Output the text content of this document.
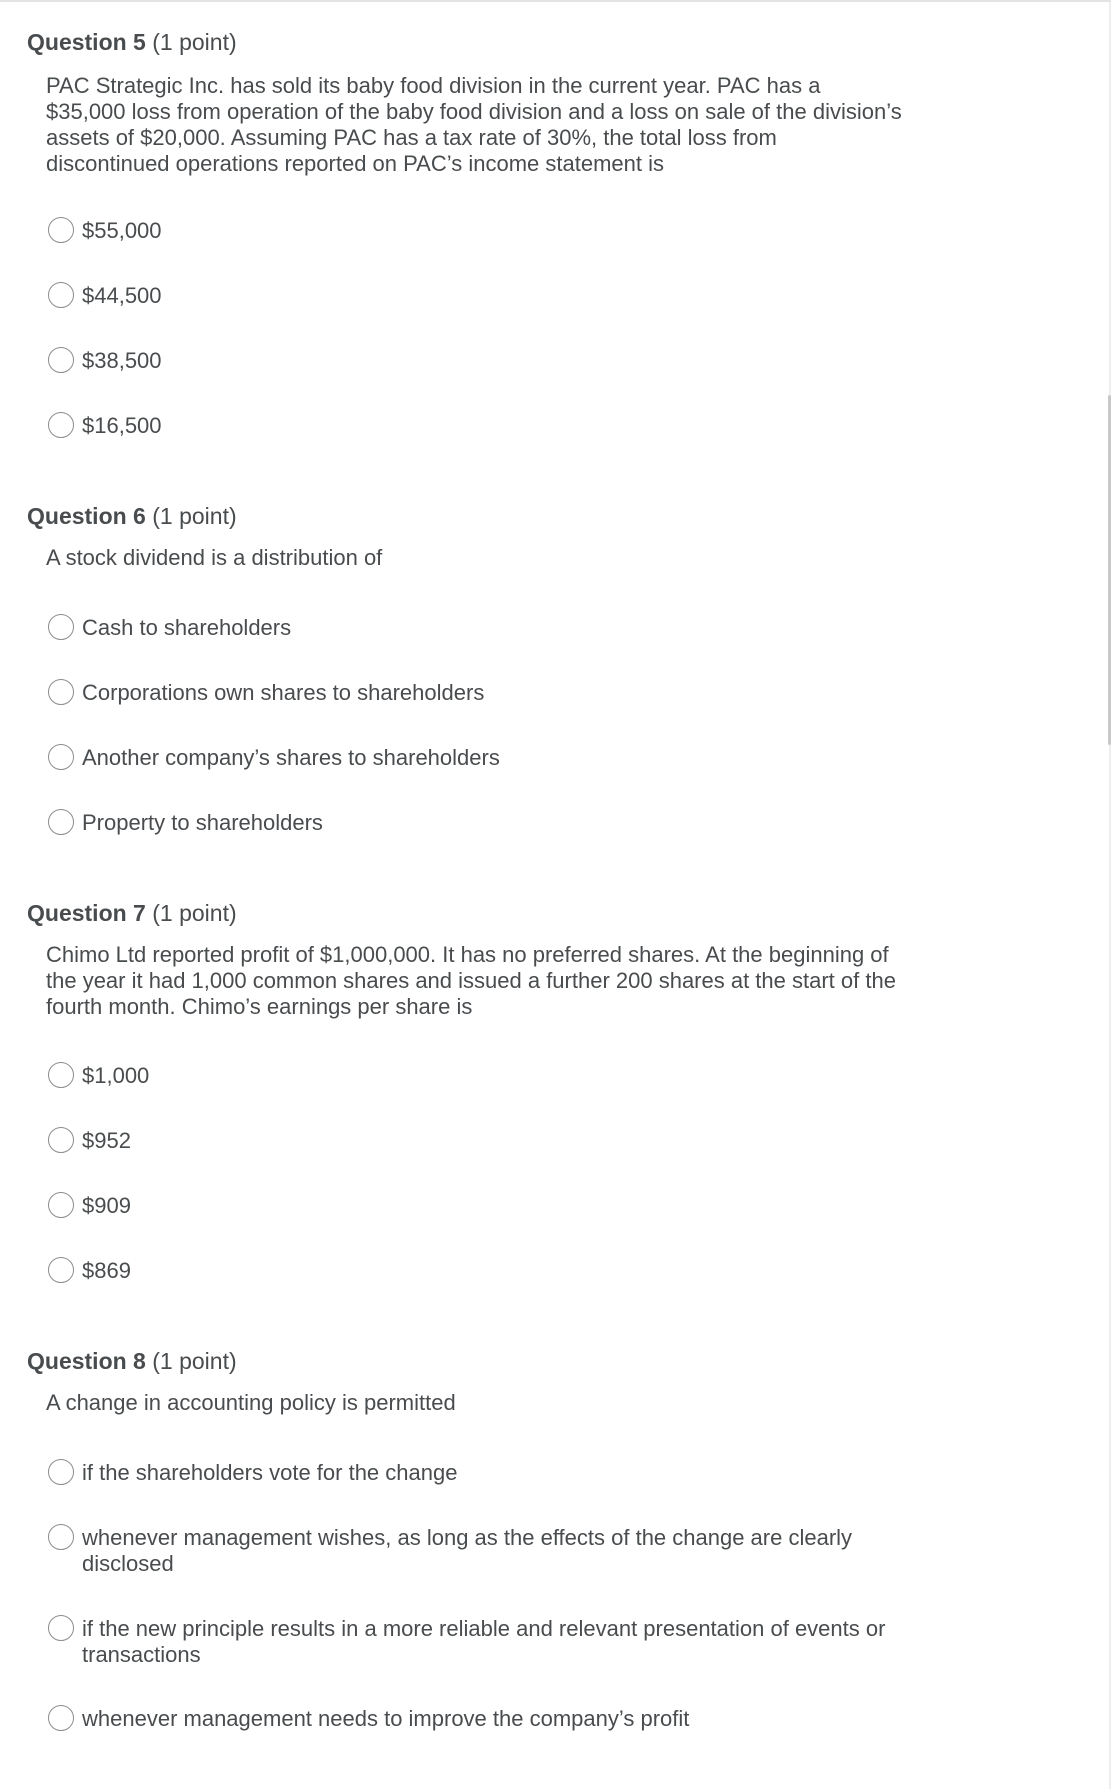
Question 5 (1 point)
PAC Strategic Inc. has sold its baby food division in the current year. PAC has a $35,000 loss from operation of the baby food division and a loss on sale of the division’s assets of $20,000. Assuming PAC has a tax rate of 30%, the total loss from discontinued operations reported on PAC’s income statement is
$55,000
$44,500
$38,500
$16,500
Question 6 (1 point)
A stock dividend is a distribution of
Cash to shareholders
Corporations own shares to shareholders
Another company’s shares to shareholders
Property to shareholders
Question 7 (1 point)
Chimo Ltd reported profit of $1,000,000. It has no preferred shares. At the beginning of the year it had 1,000 common shares and issued a further 200 shares at the start of the fourth month. Chimo’s earnings per share is
$1,000
$952
$909
$869
Question 8 (1 point)
A change in accounting policy is permitted
if the shareholders vote for the change
whenever management wishes, as long as the effects of the change are clearly disclosed
if the new principle results in a more reliable and relevant presentation of events or transactions
whenever management needs to improve the company’s profit
